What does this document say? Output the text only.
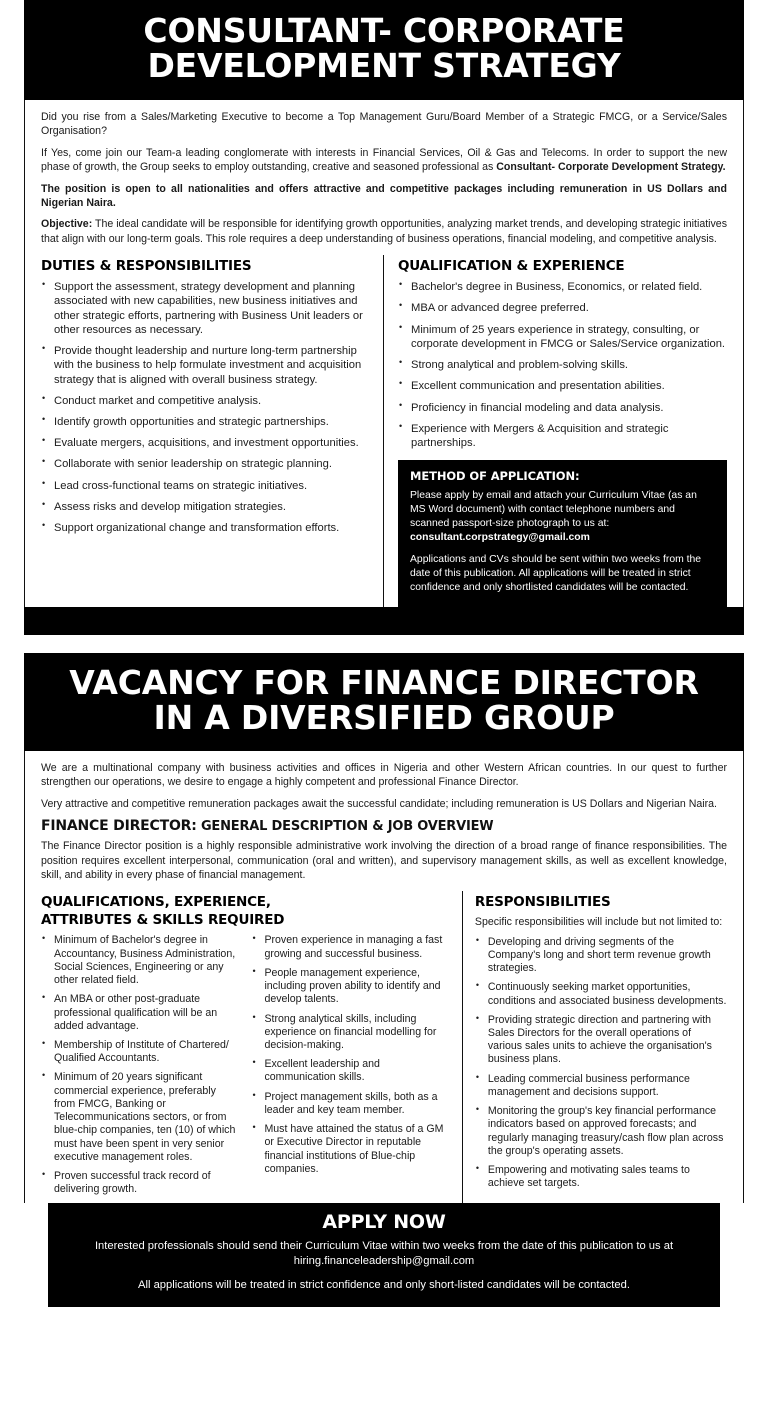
CONSULTANT- CORPORATE
DEVELOPMENT STRATEGY

Did you rise from a Sales/Marketing Executive to become a Top Management Guru/Board Member of a Strategic FMCG, or a Service/Sales Organisation?

If Yes, come join our Team-a leading conglomerate with interests in Financial Services, Oil & Gas and Telecoms. In order to support the new phase of growth, the Group seeks to employ outstanding, creative and seasoned professional as Consultant- Corporate Development Strategy.

The position is open to all nationalities and offers attractive and competitive packages including remuneration in US Dollars and Nigerian Naira.

Objective: The ideal candidate will be responsible for identifying growth opportunities, analyzing market trends, and developing strategic initiatives that align with our long-term goals. This role requires a deep understanding of business operations, financial modeling, and competitive analysis.

DUTIES & RESPONSIBILITIES
• Support the assessment, strategy development and planning associated with new capabilities, new business initiatives and other strategic efforts, partnering with Business Unit leaders or other resources as necessary.
• Provide thought leadership and nurture long-term partnership with the business to help formulate investment and acquisition strategy that is aligned with overall business strategy.
• Conduct market and competitive analysis.
• Identify growth opportunities and strategic partnerships.
• Evaluate mergers, acquisitions, and investment opportunities.
• Collaborate with senior leadership on strategic planning.
• Lead cross-functional teams on strategic initiatives.
• Assess risks and develop mitigation strategies.
• Support organizational change and transformation efforts.
QUALIFICATION & EXPERIENCE
• Bachelor's degree in Business, Economics, or related field.
• MBA or advanced degree preferred.
• Minimum of 25 years experience in strategy, consulting, or corporate development in FMCG or Sales/Service organization.
• Strong analytical and problem-solving skills.
• Excellent communication and presentation abilities.
• Proficiency in financial modeling and data analysis.
• Experience with Mergers & Acquisition and strategic partnerships.
METHOD OF APPLICATION:

Please apply by email and attach your Curriculum Vitae (as an MS Word document) with contact telephone numbers and scanned passport-size photograph to us at:
consultant.corpstrategy@gmail.com

Applications and CVs should be sent within two weeks from the date of this publication. All applications will be treated in strict confidence and only shortlisted candidates will be contacted.

VACANCY FOR FINANCE DIRECTOR
IN A DIVERSIFIED GROUP

We are a multinational company with business activities and offices in Nigeria and other Western African countries. In our quest to further strengthen our operations, we desire to engage a highly competent and professional Finance Director.

Very attractive and competitive remuneration packages await the successful candidate; including remuneration is US Dollars and Nigerian Naira.

FINANCE DIRECTOR: GENERAL DESCRIPTION & JOB OVERVIEW

The Finance Director position is a highly responsible administrative work involving the direction of a broad range of finance responsibilities. The position requires excellent interpersonal, communication (oral and written), and supervisory management skills, as well as excellent knowledge, skill, and ability in every phase of financial management.

QUALIFICATIONS, EXPERIENCE,
ATTRIBUTES & SKILLS REQUIRED
• Minimum of Bachelor's degree in Accountancy, Business Administration, Social Sciences, Engineering or any other related field.
• An MBA or other post-graduate professional qualification will be an added advantage.
• Membership of Institute of Chartered/ Qualified Accountants.
• Minimum of 20 years significant commercial experience, preferably from FMCG, Banking or Telecommunications sectors, or from blue-chip companies, ten (10) of which must have been spent in very senior executive management roles.
• Proven successful track record of delivering growth.
• Proven experience in managing a fast growing and successful business.
• People management experience, including proven ability to identify and develop talents.
• Strong analytical skills, including experience on financial modelling for decision-making.
• Excellent leadership and communication skills.
• Project management skills, both as a leader and key team member.
• Must have attained the status of a GM or Executive Director in reputable financial institutions of Blue-chip companies.
RESPONSIBILITIES

Specific responsibilities will include but not limited to:

• Developing and driving segments of the Company's long and short term revenue growth strategies.
• Continuously seeking market opportunities, conditions and associated business developments.
• Providing strategic direction and partnering with Sales Directors for the overall operations of various sales units to achieve the organisation's business plans.
• Leading commercial business performance management and decisions support.
• Monitoring the group's key financial performance indicators based on approved forecasts; and regularly managing treasury/cash flow plan across the group's operating assets.
• Empowering and motivating sales teams to achieve set targets.
APPLY NOW

Interested professionals should send their Curriculum Vitae within two weeks from the date of this publication to us at hiring.financeleadership@gmail.com

All applications will be treated in strict confidence and only short-listed candidates will be contacted.
